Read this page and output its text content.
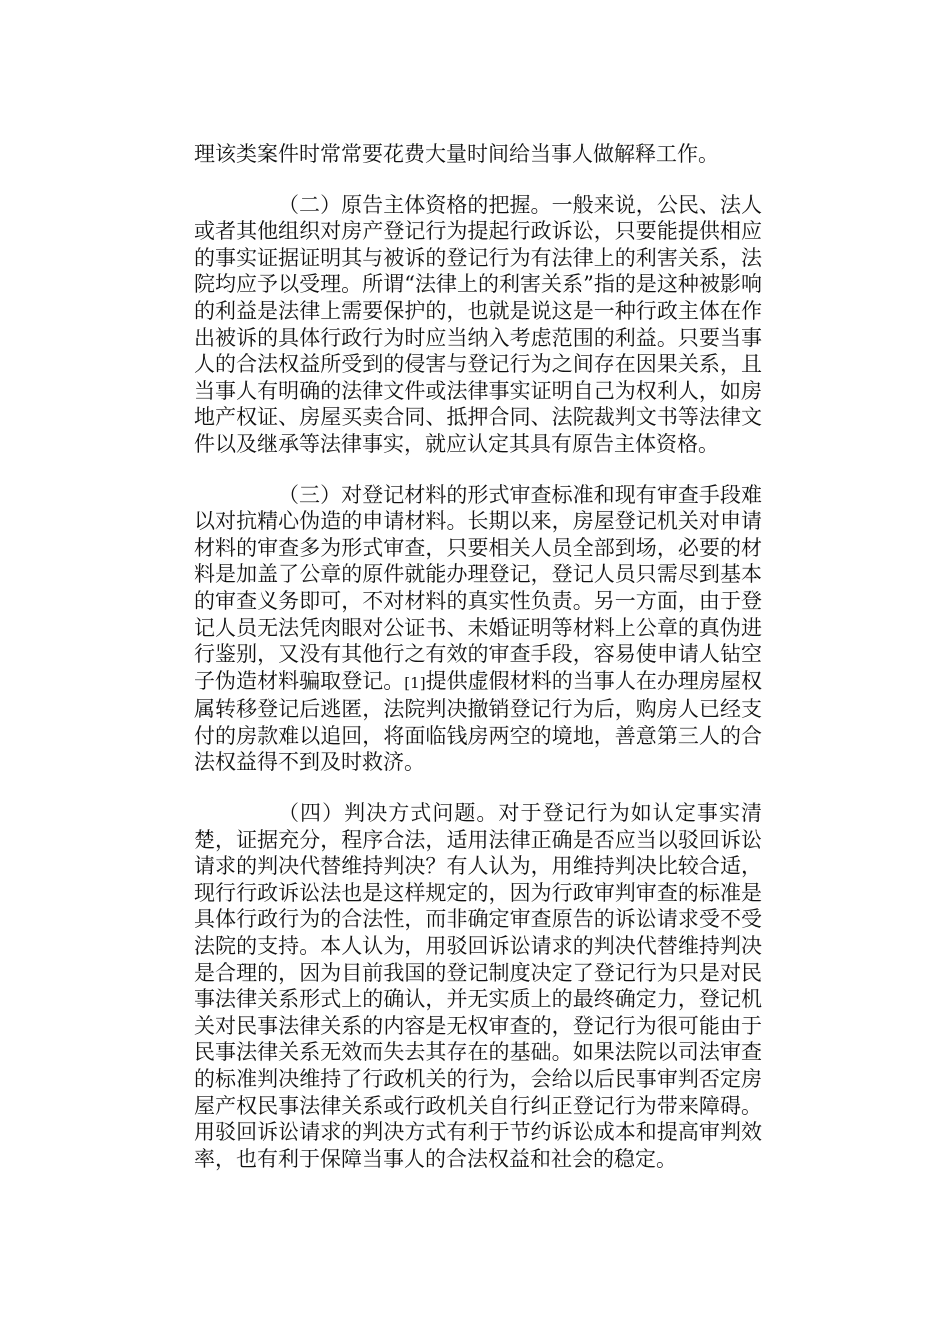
理该类案件时常常要花费大量时间给当事人做解释工作。

（二）原告主体资格的把握。一般来说，公民、法人或者其他组织对房产登记行为提起行政诉讼，只要能提供相应的事实证据证明其与被诉的登记行为有法律上的利害关系，法院均应予以受理。所谓“法律上的利害关系”指的是这种被影响的利益是法律上需要保护的，也就是说这是一种行政主体在作出被诉的具体行政行为时应当纳入考虑范围的利益。只要当事人的合法权益所受到的侵害与登记行为之间存在因果关系，且当事人有明确的法律文件或法律事实证明自己为权利人，如房地产权证、房屋买卖合同、抵押合同、法院裁判文书等法律文件以及继承等法律事实，就应认定其具有原告主体资格。

（三）对登记材料的形式审查标准和现有审查手段难以对抗精心伪造的申请材料。长期以来，房屋登记机关对申请材料的审查多为形式审查，只要相关人员全部到场，必要的材料是加盖了公章的原件就能办理登记，登记人员只需尽到基本的审查义务即可，不对材料的真实性负责。另一方面，由于登记人员无法凭肉眼对公证书、未婚证明等材料上公章的真伪进行鉴别，又没有其他行之有效的审查手段，容易使申请人钻空子伪造材料骗取登记。[1]提供虚假材料的当事人在办理房屋权属转移登记后逃匿，法院判决撤销登记行为后，购房人已经支付的房款难以追回，将面临钱房两空的境地，善意第三人的合法权益得不到及时救济。

（四）判决方式问题。对于登记行为如认定事实清楚，证据充分，程序合法，适用法律正确是否应当以驳回诉讼请求的判决代替维持判决？有人认为，用维持判决比较合适，现行行政诉讼法也是这样规定的，因为行政审判审查的标准是具体行政行为的合法性，而非确定审查原告的诉讼请求受不受法院的支持。本人认为，用驳回诉讼请求的判决代替维持判决是合理的，因为目前我国的登记制度决定了登记行为只是对民事法律关系形式上的确认，并无实质上的最终确定力，登记机关对民事法律关系的内容是无权审查的，登记行为很可能由于民事法律关系无效而失去其存在的基础。如果法院以司法审查的标准判决维持了行政机关的行为，会给以后民事审判否定房屋产权民事法律关系或行政机关自行纠正登记行为带来障碍。用驳回诉讼请求的判决方式有利于节约诉讼成本和提高审判效率，也有利于保障当事人的合法权益和社会的稳定。
